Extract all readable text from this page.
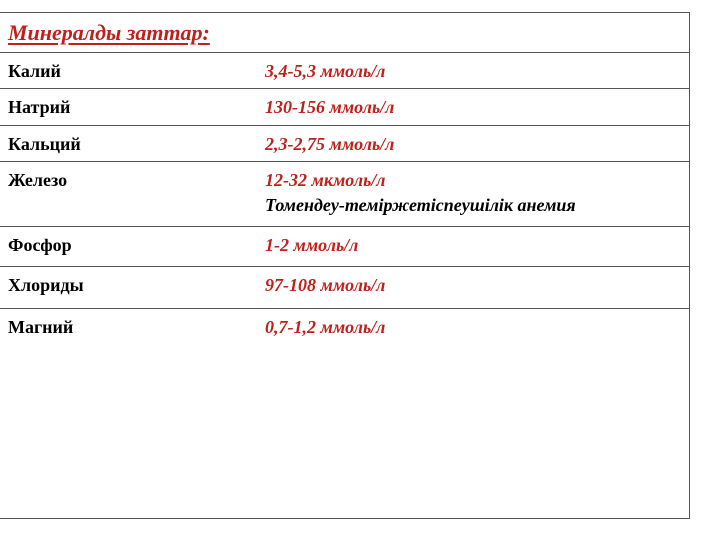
Минералды заттар:
Калий	3,4-5,3 ммоль/л
Натрий	130-156 ммоль/л
Кальций	2,3-2,75 ммоль/л
Железо	12-32 мкмоль/л
Томендеу-теміржетіспеушілік анемия
Фосфор	1-2 ммоль/л
Хлориды	97-108 ммоль/л
Магний	0,7-1,2 ммоль/л
